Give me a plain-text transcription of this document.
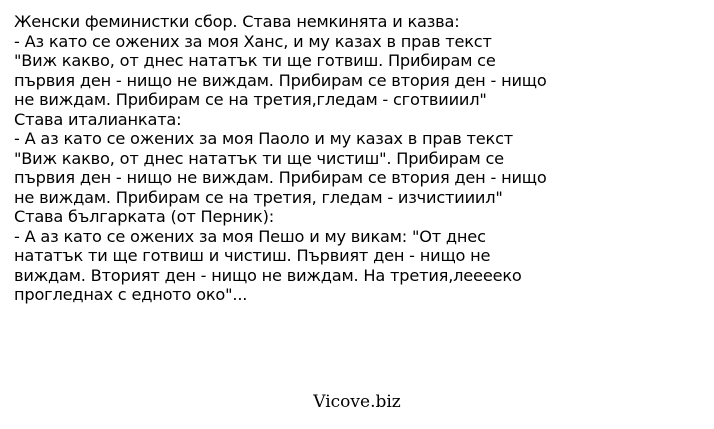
Женски феминистки сбор. Става немкинята и казва:
- Аз като се ожених за моя Ханс, и му казах в прав текст
"Виж какво, от днес нататък ти ще готвиш. Прибирам се
първия ден - нищо не виждам. Прибирам се втория ден - нищо
не виждам. Прибирам се на третия,гледам - сготвииил"
Става италианката:
- А аз като се ожених за моя Паоло и му казах в прав текст
"Виж какво, от днес нататък ти ще чистиш". Прибирам се
първия ден - нищо не виждам. Прибирам се втория ден - нищо
не виждам. Прибирам се на третия, гледам - изчистииил"
Става българката (от Перник):
- А аз като се ожених за моя Пешо и му викам: "От днес
нататък ти ще готвиш и чистиш. Първият ден - нищо не
виждам. Вторият ден - нищо не виждам. На третия,леееeко
прогледнах с едното око"...
Vicove.biz
